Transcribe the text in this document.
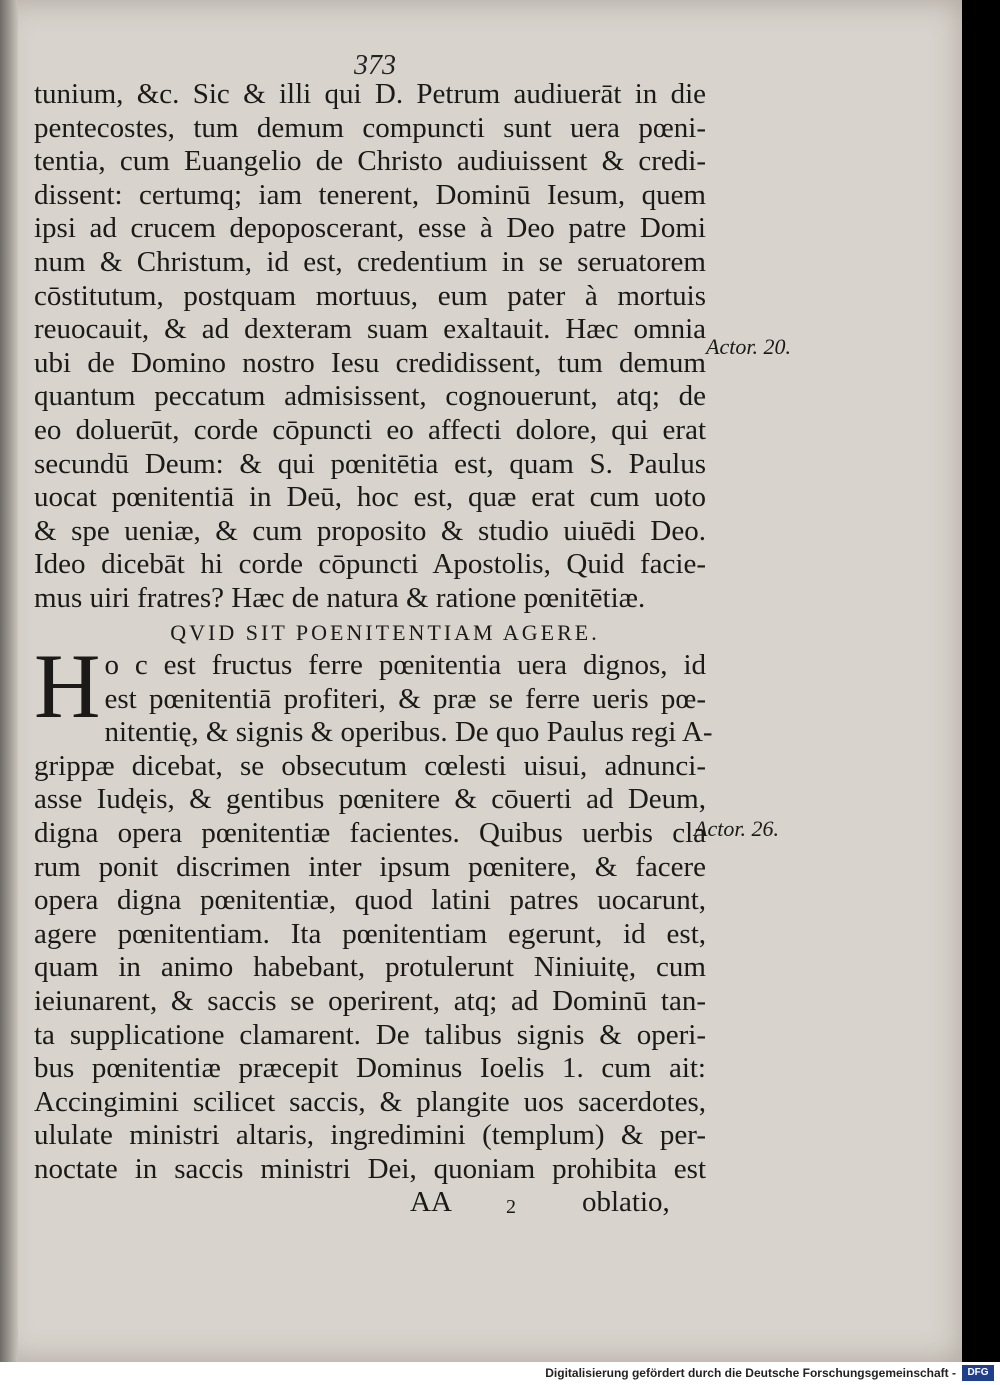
373
tunium, &c. Sic & illi qui D. Petrum audiuerāt in die
pentecostes, tum demum compuncti sunt uera pœni-
tentia, cum Euangelio de Christo audiuissent & credi-
dissent: certumq; iam tenerent, Dominū Iesum, quem
ipsi ad crucem depoposcerant, esse à Deo patre Domi
num & Christum, id est, credentium in se seruatorem
cōstitutum, postquam mortuus, eum pater à mortuis
reuocauit, & ad dexteram suam exaltauit. Hæc omnia
ubi de Domino nostro Iesu credidissent, tum demum
quantum peccatum admisissent, cognouerunt, atq; de
eo doluerūt, corde cōpuncti eo affecti dolore, qui erat
secundū Deum: & qui pœnitētia est, quam S. Paulus
uocat pœnitentiā in Deū, hoc est, quæ erat cum uoto
& spe ueniæ, & cum proposito & studio uiuēdi Deo.
Ideo dicebāt hi corde cōpuncti Apostolis, Quid facie-
mus uiri fratres? Hæc de natura & ratione pœnitētiæ.
QVID SIT POENITENTIAM AGERE.
H o c est fructus ferre pœnitentia uera dignos, id
est pœnitentiā profiteri, & præ se ferre ueris pœ-
nitentię, & signis & operibus. De quo Paulus regi A-
grippæ dicebat, se obsecutum cœlesti uisui, adnunci-
asse Iudęis, & gentibus pœnitere & cōuerti ad Deum,
digna opera pœnitentiæ facientes. Quibus uerbis cla
rum ponit discrimen inter ipsum pœnitere, & facere
opera digna pœnitentiæ, quod latini patres uocarunt,
agere pœnitentiam. Ita pœnitentiam egerunt, id est,
quam in animo habebant, protulerunt Niniuitę, cum
ieiunarent, & saccis se operirent, atq; ad Dominū tan-
ta supplicatione clamarent. De talibus signis & operi-
bus pœnitentiæ præcepit Dominus Ioelis 1. cum ait:
Accingimini scilicet saccis, & plangite uos sacerdotes,
ululate ministri altaris, ingredimini (templum) & per-
noctate in saccis ministri Dei, quoniam prohibita est
Actor. 20.
Actor. 26.
AA	2 oblatio,
Digitalisierung gefördert durch die Deutsche Forschungsgemeinschaft -	DFG
